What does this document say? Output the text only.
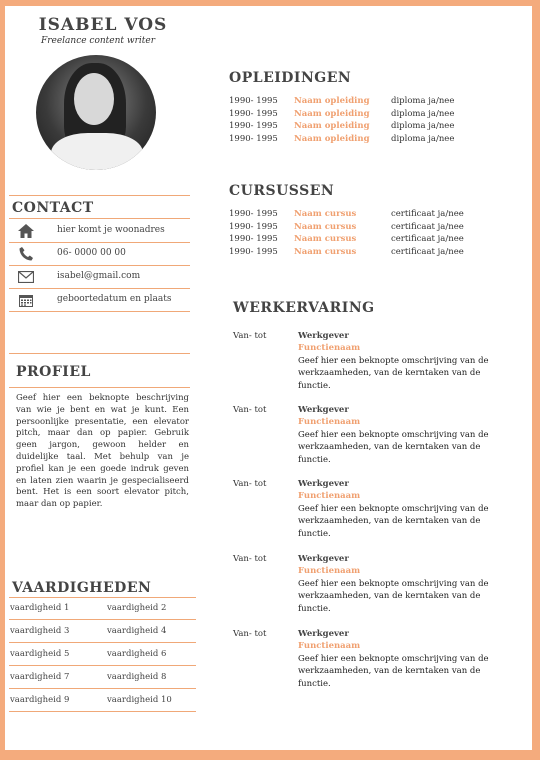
ISABEL VOS
Freelance content writer
CONTACT
hier komt je woonadres
06- 0000 00 00
isabel@gmail.com
geboortedatum en plaats
PROFIEL
Geef hier een beknopte beschrijving van wie je bent en wat je kunt. Een persoonlijke presentatie, een elevator pitch, maar dan op papier. Gebruik geen jargon, gewoon helder en duidelijke taal. Met behulp van je profiel kan je een goede indruk geven en laten zien waarin je gespecialiseerd bent. Het is een soort elevator pitch, maar dan op papier.
VAARDIGHEDEN
vaardigheid 1	vaardigheid 2
vaardigheid 3	vaardigheid 4
vaardigheid 5	vaardigheid 6
vaardigheid 7	vaardigheid 8
vaardigheid 9	vaardigheid 10
OPLEIDINGEN
1990- 1995 Naam opleiding	diploma ja/nee
1990- 1995 Naam opleiding	diploma ja/nee
1990- 1995 Naam opleiding	diploma ja/nee
1990- 1995 Naam opleiding	diploma ja/nee
CURSUSSEN
1990- 1995 Naam cursus	certificaat ja/nee
1990- 1995 Naam cursus	certificaat ja/nee
1990- 1995 Naam cursus	certificaat ja/nee
1990- 1995 Naam cursus	certificaat ja/nee
WERKERVARING
Van- tot	Werkgever
Functienaam
Geef hier een beknopte omschrijving van de werkzaamheden, van de kerntaken van de functie.
Van- tot	Werkgever
Functienaam
Geef hier een beknopte omschrijving van de werkzaamheden, van de kerntaken van de functie.
Van- tot	Werkgever
Functienaam
Geef hier een beknopte omschrijving van de werkzaamheden, van de kerntaken van de functie.
Van- tot	Werkgever
Functienaam
Geef hier een beknopte omschrijving van de werkzaamheden, van de kerntaken van de functie.
Van- tot	Werkgever
Functienaam
Geef hier een beknopte omschrijving van de werkzaamheden, van de kerntaken van de functie.
